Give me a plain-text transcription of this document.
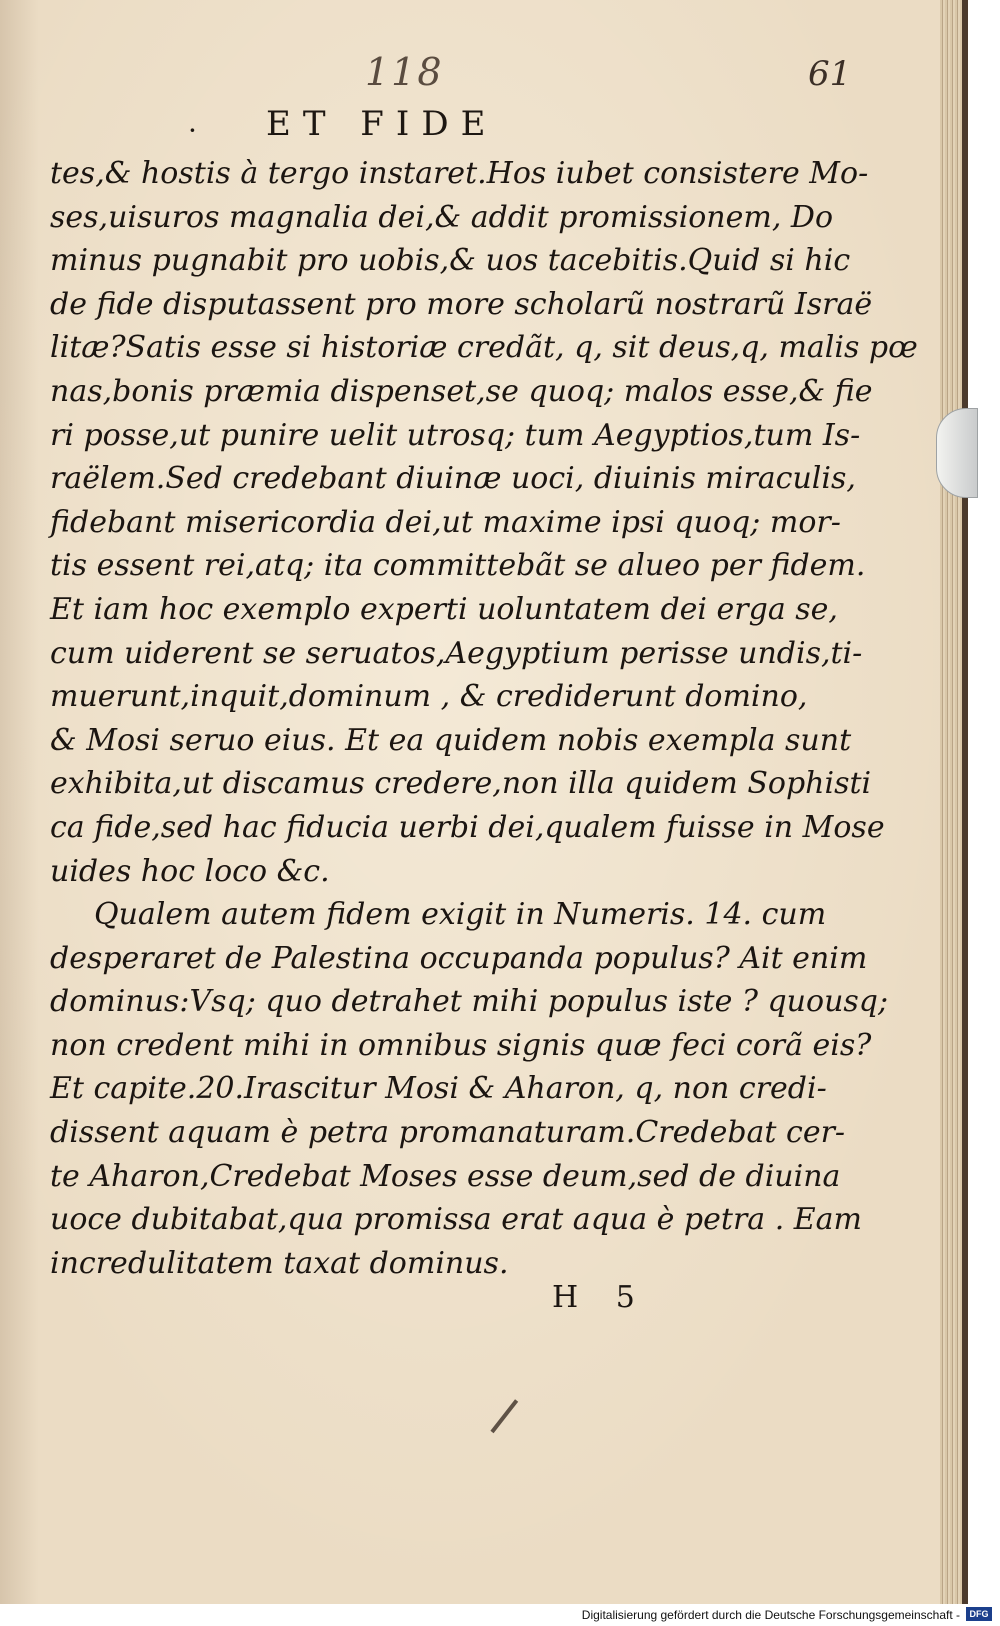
118	61
· ET FIDE
tes,& hostis à tergo instaret.Hos iubet consistere Mo-
ses,uisuros magnalia dei,& addit promissionem, Do
minus pugnabit pro uobis,& uos tacebitis.Quid si hic
de fide disputassent pro more scholarũ nostrarũ Israë
litæ?Satis esse si historiæ credãt, q, sit deus,q, malis pœ
nas,bonis præmia dispenset,se quoq; malos esse,& fie
ri posse,ut punire uelit utrosq; tum Aegyptios,tum Is-
raëlem.Sed credebant diuinæ uoci, diuinis miraculis,
fidebant misericordia dei,ut maxime ipsi quoq; mor-
tis essent rei,atq; ita committebãt se alueo per fidem.
Et iam hoc exemplo experti uoluntatem dei erga se,
cum uiderent se seruatos,Aegyptium perisse undis,ti-
muerunt,inquit,dominum , & crediderunt domino,
& Mosi seruo eius. Et ea quidem nobis exempla sunt
exhibita,ut discamus credere,non illa quidem Sophisti
ca fide,sed hac fiducia uerbi dei,qualem fuisse in Mose
uides hoc loco &c.
Qualem autem fidem exigit in Numeris. 14. cum
desperaret de Palestina occupanda populus? Ait enim
dominus:Vsq; quo detrahet mihi populus iste ? quousq;
non credent mihi in omnibus signis quæ feci corã eis?
Et capite.20.Irascitur Mosi & Aharon, q, non credi-
dissent aquam è petra promanaturam.Credebat cer-
te Aharon,Credebat Moses esse deum,sed de diuina
uoce dubitabat,qua promissa erat aqua è petra . Eam
incredulitatem taxat dominus.
H 5
Digitalisierung gefördert durch die Deutsche Forschungsgemeinschaft -	DFG
